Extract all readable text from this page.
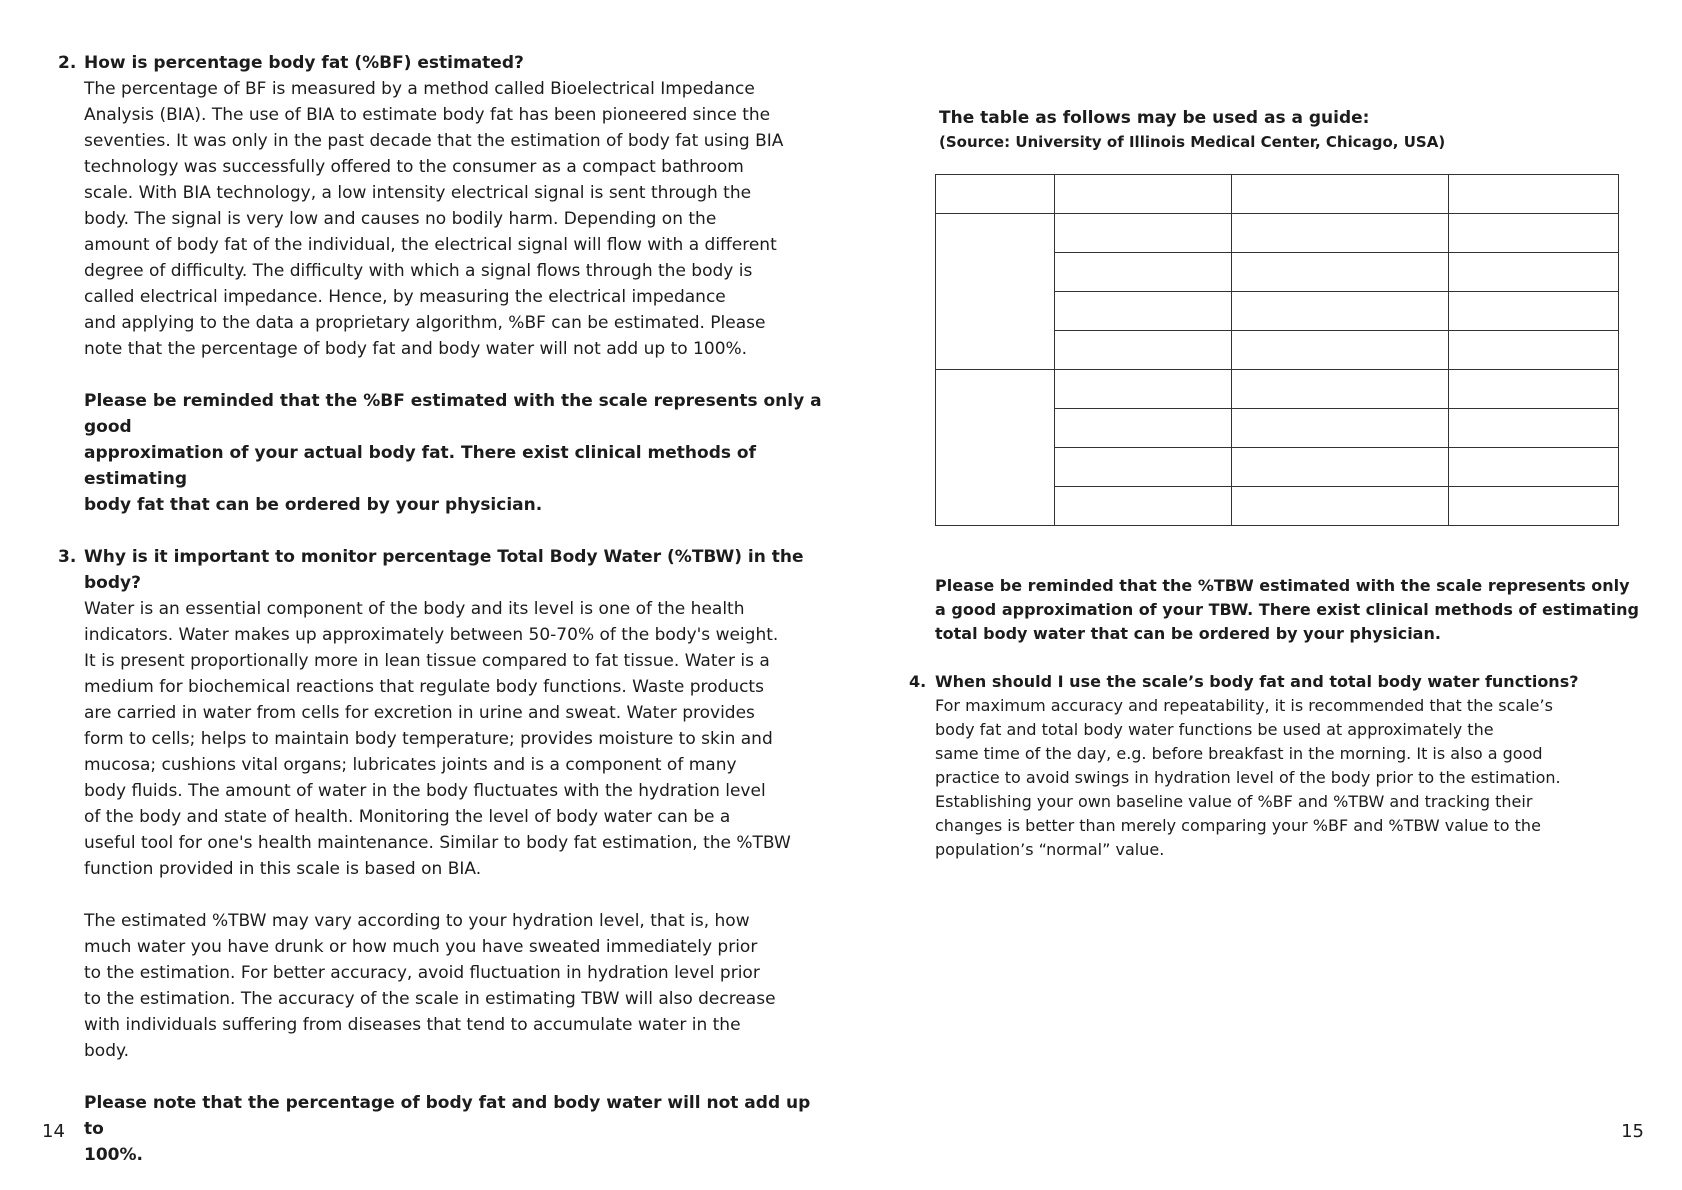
2. How is percentage body fat (%BF) estimated?

The percentage of BF is measured by a method called Bioelectrical Impedance

Analysis (BIA). The use of BIA to estimate body fat has been pioneered since the

seventies. It was only in the past decade that the estimation of body fat using BIA

technology was successfully offered to the consumer as a compact bathroom

scale. With BIA technology, a low intensity electrical signal is sent through the

body. The signal is very low and causes no bodily harm. Depending on the

amount of body fat of the individual, the electrical signal will flow with a different

degree of difficulty. The difficulty with which a signal flows through the body is

called electrical impedance. Hence, by measuring the electrical impedance

and applying to the data a proprietary algorithm, %BF can be estimated. Please

note that the percentage of body fat and body water will not add up to 100%.

Please be reminded that the %BF estimated with the scale represents only a good

approximation of your actual body fat. There exist clinical methods of estimating

body fat that can be ordered by your physician.

3. Why is it important to monitor percentage Total Body Water (%TBW) in the body?

Water is an essential component of the body and its level is one of the health

indicators. Water makes up approximately between 50-70% of the body's weight.

It is present proportionally more in lean tissue compared to fat tissue. Water is a

medium for biochemical reactions that regulate body functions. Waste products

are carried in water from cells for excretion in urine and sweat. Water provides

form to cells; helps to maintain body temperature; provides moisture to skin and

mucosa; cushions vital organs; lubricates joints and is a component of many

body fluids. The amount of water in the body fluctuates with the hydration level

of the body and state of health. Monitoring the level of body water can be a

useful tool for one's health maintenance. Similar to body fat estimation, the %TBW

function provided in this scale is based on BIA.

The estimated %TBW may vary according to your hydration level, that is, how

much water you have drunk or how much you have sweated immediately prior

to the estimation. For better accuracy, avoid fluctuation in hydration level prior

to the estimation. The accuracy of the scale in estimating TBW will also decrease

with individuals suffering from diseases that tend to accumulate water in the

body.

Please note that the percentage of body fat and body water will not add up to

100%.

14

The table as follows may be used as a guide:

(Source: University of Illinois Medical Center, Chicago, USA)

Please be reminded that the %TBW estimated with the scale represents only

a good approximation of your TBW. There exist clinical methods of estimating

total body water that can be ordered by your physician.

4. When should I use the scale’s body fat and total body water functions?

For maximum accuracy and repeatability, it is recommended that the scale’s

body fat and total body water functions be used at approximately the

same time of the day, e.g. before breakfast in the morning. It is also a good

practice to avoid swings in hydration level of the body prior to the estimation.

Establishing your own baseline value of %BF and %TBW and tracking their

changes is better than merely comparing your %BF and %TBW value to the

population’s “normal” value.

15
